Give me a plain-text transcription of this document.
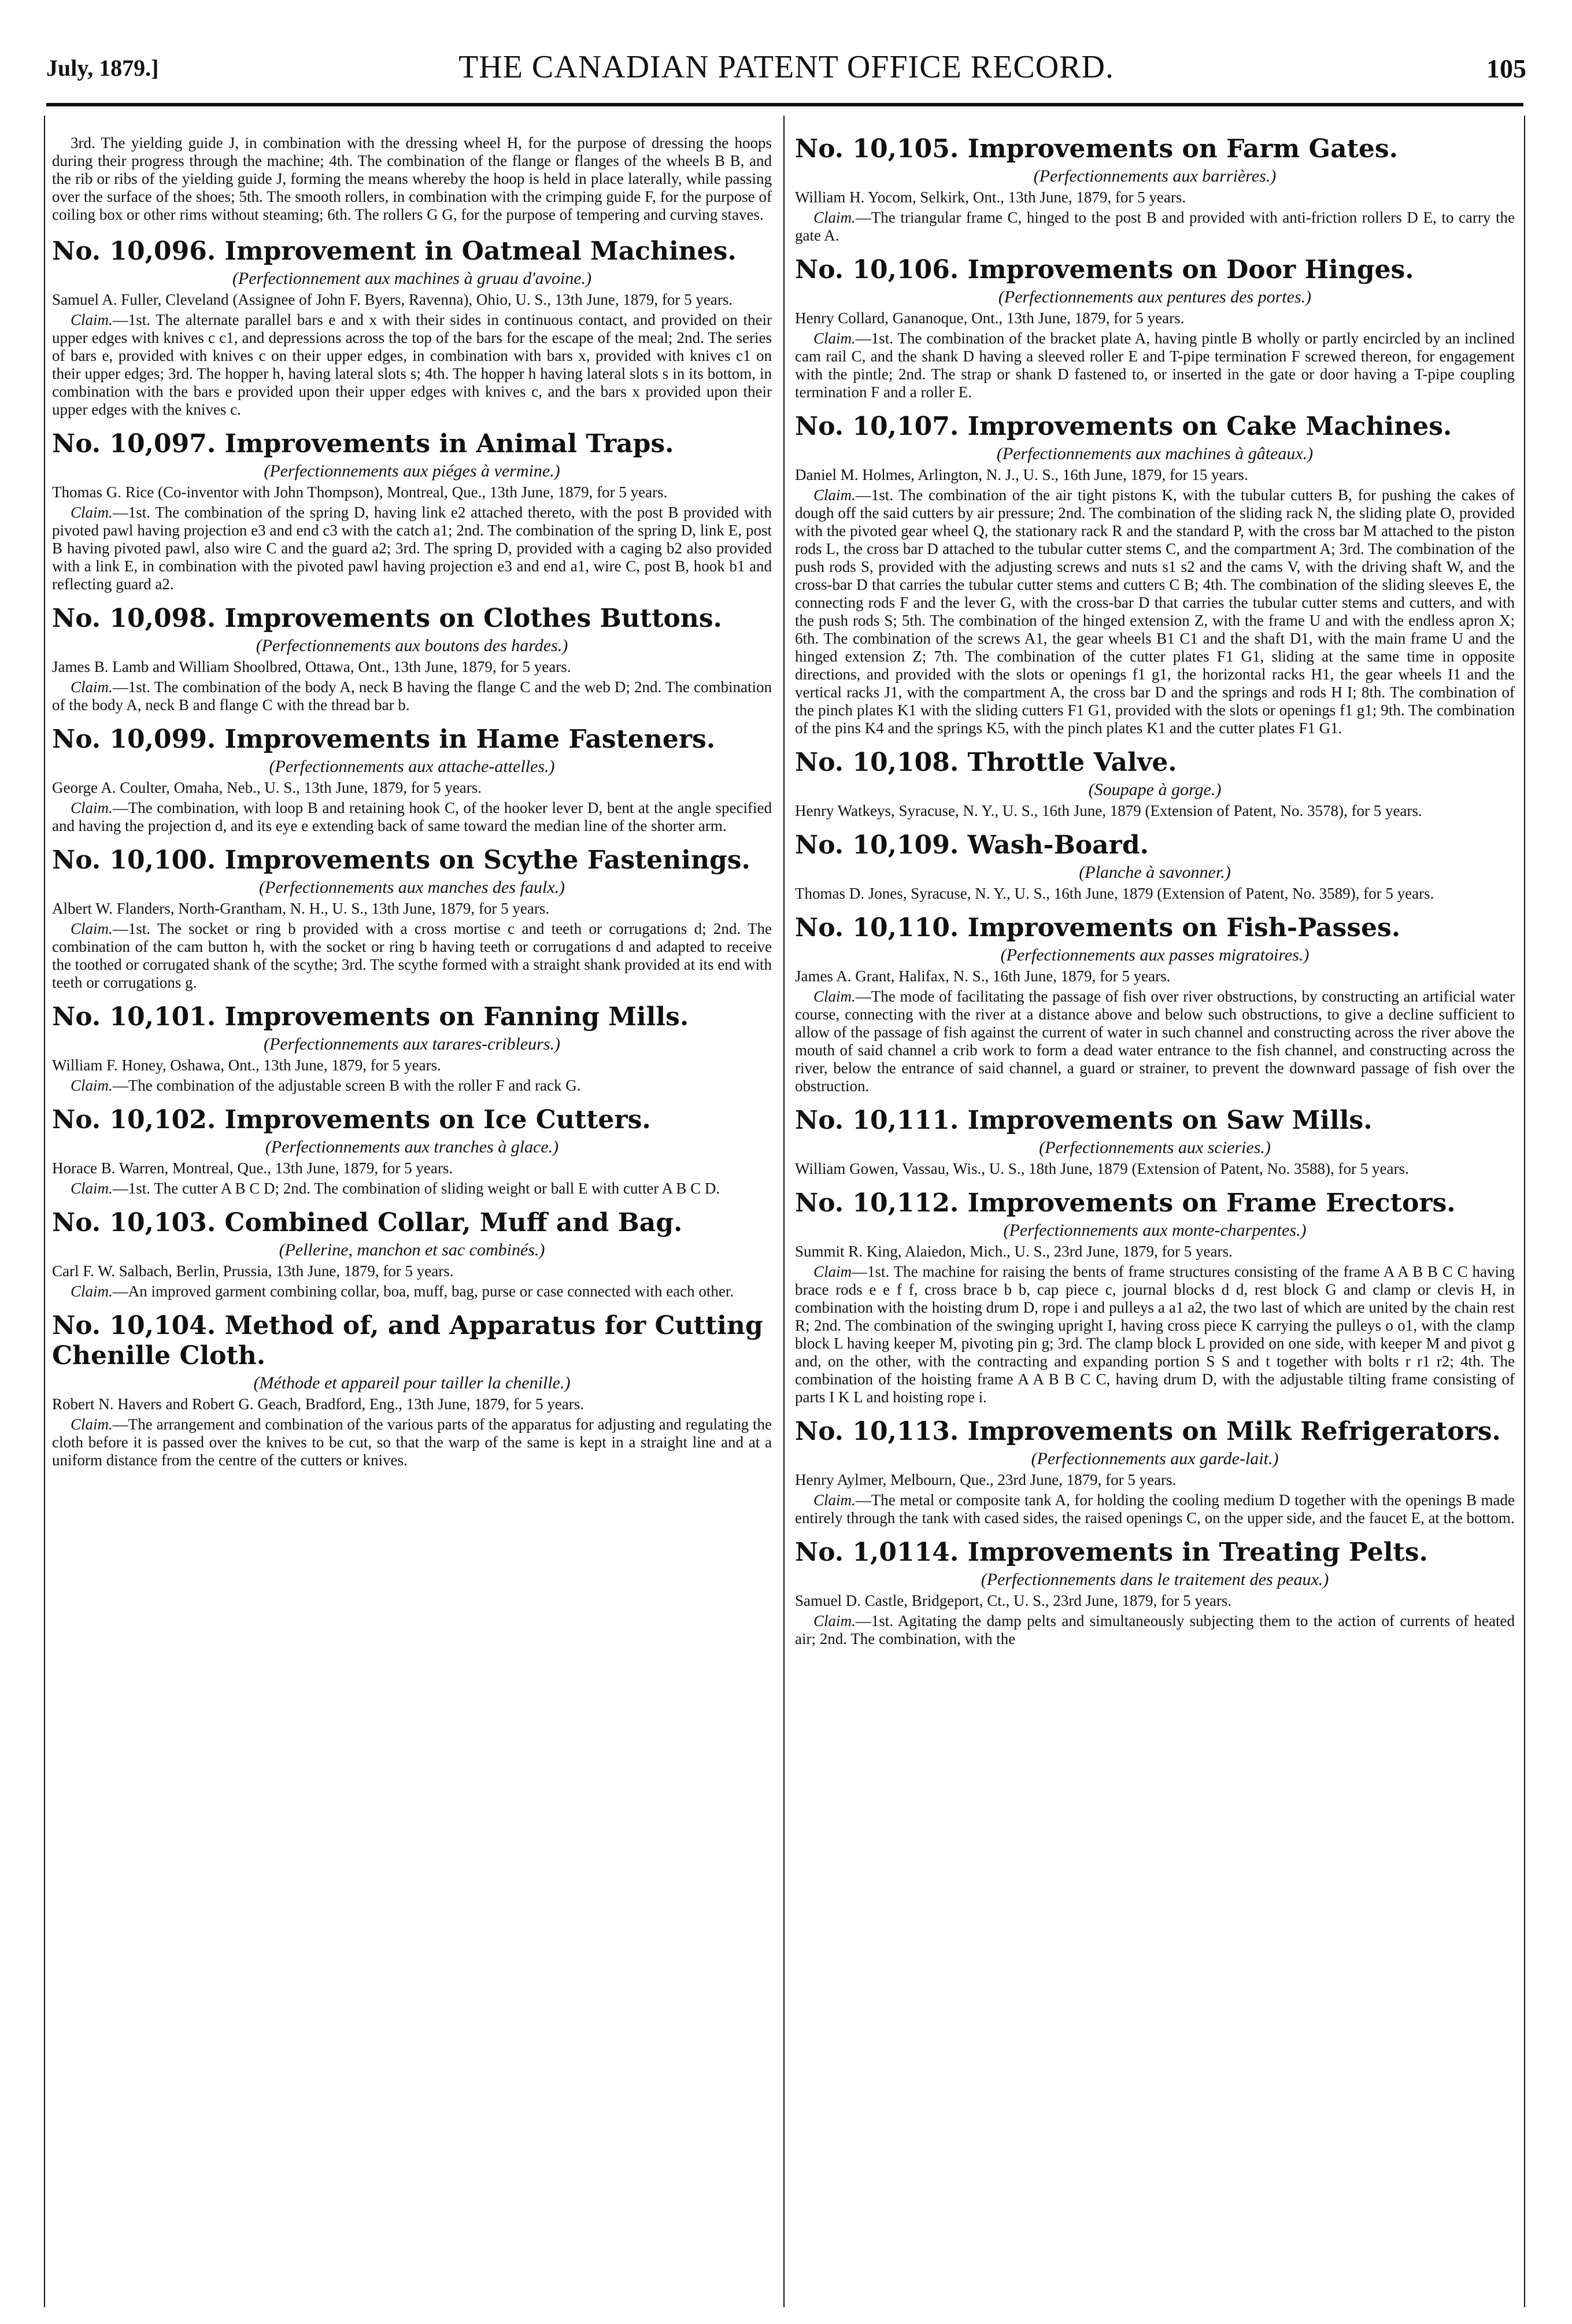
July, 1879.]	THE CANADIAN PATENT OFFICE RECORD.	105
3rd. The yielding guide J, in combination with the dressing wheel H, for the purpose of dressing the hoops during their progress through the machine; 4th. The combination of the flange or flanges of the wheels B B, and the rib or ribs of the yielding guide J, forming the means whereby the hoop is held in place laterally, while passing over the surface of the shoes; 5th. The smooth rollers, in combination with the crimping guide F, for the purpose of coiling box or other rims without steaming; 6th. The rollers G G, for the purpose of tempering and curving staves.
No. 10,096. Improvement in Oatmeal Machines.
(Perfectionnement aux machines à gruau d'avoine.)
Samuel A. Fuller, Cleveland (Assignee of John F. Byers, Ravenna), Ohio, U. S., 13th June, 1879, for 5 years.
Claim.—1st. The alternate parallel bars e and x with their sides in continuous contact, and provided on their upper edges with knives c c1, and depressions across the top of the bars for the escape of the meal; 2nd. The series of bars e, provided with knives c on their upper edges, in combination with bars x, provided with knives c1 on their upper edges; 3rd. The hopper h, having lateral slots s; 4th. The hopper h having lateral slots s in its bottom, in combination with the bars e provided upon their upper edges with knives c, and the bars x provided upon their upper edges with the knives c.
No. 10,097. Improvements in Animal Traps.
(Perfectionnements aux piéges à vermine.)
Thomas G. Rice (Co-inventor with John Thompson), Montreal, Que., 13th June, 1879, for 5 years.
Claim.—1st. The combination of the spring D, having link e2 attached thereto, with the post B provided with pivoted pawl having projection e3 and end c3 with the catch a1; 2nd. The combination of the spring D, link E, post B having pivoted pawl, also wire C and the guard a2; 3rd. The spring D, provided with a caging b2 also provided with a link E, in combination with the pivoted pawl having projection e3 and end a1, wire C, post B, hook b1 and reflecting guard a2.
No. 10,098. Improvements on Clothes Buttons.
(Perfectionnements aux boutons des hardes.)
James B. Lamb and William Shoolbred, Ottawa, Ont., 13th June, 1879, for 5 years.
Claim.—1st. The combination of the body A, neck B having the flange C and the web D; 2nd. The combination of the body A, neck B and flange C with the thread bar b.
No. 10,099. Improvements in Hame Fasteners.
(Perfectionnements aux attache-attelles.)
George A. Coulter, Omaha, Neb., U. S., 13th June, 1879, for 5 years.
Claim.—The combination, with loop B and retaining hook C, of the hooker lever D, bent at the angle specified and having the projection d, and its eye e extending back of same toward the median line of the shorter arm.
No. 10,100. Improvements on Scythe Fastenings.
(Perfectionnements aux manches des faulx.)
Albert W. Flanders, North-Grantham, N. H., U. S., 13th June, 1879, for 5 years.
Claim.—1st. The socket or ring b provided with a cross mortise c and teeth or corrugations d; 2nd. The combination of the cam button h, with the socket or ring b having teeth or corrugations d and adapted to receive the toothed or corrugated shank of the scythe; 3rd. The scythe formed with a straight shank provided at its end with teeth or corrugations g.
No. 10,101. Improvements on Fanning Mills.
(Perfectionnements aux tarares-cribleurs.)
William F. Honey, Oshawa, Ont., 13th June, 1879, for 5 years.
Claim.—The combination of the adjustable screen B with the roller F and rack G.
No. 10,102. Improvements on Ice Cutters.
(Perfectionnements aux tranches à glace.)
Horace B. Warren, Montreal, Que., 13th June, 1879, for 5 years.
Claim.—1st. The cutter A B C D; 2nd. The combination of sliding weight or ball E with cutter A B C D.
No. 10,103. Combined Collar, Muff and Bag.
(Pellerine, manchon et sac combinés.)
Carl F. W. Salbach, Berlin, Prussia, 13th June, 1879, for 5 years.
Claim.—An improved garment combining collar, boa, muff, bag, purse or case connected with each other.
No. 10,104. Method of, and Apparatus for Cutting Chenille Cloth.
(Méthode et appareil pour tailler la chenille.)
Robert N. Havers and Robert G. Geach, Bradford, Eng., 13th June, 1879, for 5 years.
Claim.—The arrangement and combination of the various parts of the apparatus for adjusting and regulating the cloth before it is passed over the knives to be cut, so that the warp of the same is kept in a straight line and at a uniform distance from the centre of the cutters or knives.
No. 10,105. Improvements on Farm Gates.
(Perfectionnements aux barrières.)
William H. Yocom, Selkirk, Ont., 13th June, 1879, for 5 years.
Claim.—The triangular frame C, hinged to the post B and provided with anti-friction rollers D E, to carry the gate A.
No. 10,106. Improvements on Door Hinges.
(Perfectionnements aux pentures des portes.)
Henry Collard, Gananoque, Ont., 13th June, 1879, for 5 years.
Claim.—1st. The combination of the bracket plate A, having pintle B wholly or partly encircled by an inclined cam rail C, and the shank D having a sleeved roller E and T-pipe termination F screwed thereon, for engagement with the pintle; 2nd. The strap or shank D fastened to, or inserted in the gate or door having a T-pipe coupling termination F and a roller E.
No. 10,107. Improvements on Cake Machines.
(Perfectionnements aux machines à gâteaux.)
Daniel M. Holmes, Arlington, N. J., U. S., 16th June, 1879, for 15 years.
Claim.—1st. The combination of the air tight pistons K, with the tubular cutters B, for pushing the cakes of dough off the said cutters by air pressure; 2nd. The combination of the sliding rack N, the sliding plate O, provided with the pivoted gear wheel Q, the stationary rack R and the standard P, with the cross bar M attached to the piston rods L, the cross bar D attached to the tubular cutter stems C, and the compartment A; 3rd. The combination of the push rods S, provided with the adjusting screws and nuts s1 s2 and the cams V, with the driving shaft W, and the cross-bar D that carries the tubular cutter stems and cutters C B; 4th. The combination of the sliding sleeves E, the connecting rods F and the lever G, with the cross-bar D that carries the tubular cutter stems and cutters, and with the push rods S; 5th. The combination of the hinged extension Z, with the frame U and with the endless apron X; 6th. The combination of the screws A1, the gear wheels B1 C1 and the shaft D1, with the main frame U and the hinged extension Z; 7th. The combination of the cutter plates F1 G1, sliding at the same time in opposite directions, and provided with the slots or openings f1 g1, the horizontal racks H1, the gear wheels I1 and the vertical racks J1, with the compartment A, the cross bar D and the springs and rods H I; 8th. The combination of the pinch plates K1 with the sliding cutters F1 G1, provided with the slots or openings f1 g1; 9th. The combination of the pins K4 and the springs K5, with the pinch plates K1 and the cutter plates F1 G1.
No. 10,108. Throttle Valve.
(Soupape à gorge.)
Henry Watkeys, Syracuse, N. Y., U. S., 16th June, 1879 (Extension of Patent, No. 3578), for 5 years.
No. 10,109. Wash-Board.
(Planche à savonner.)
Thomas D. Jones, Syracuse, N. Y., U. S., 16th June, 1879 (Extension of Patent, No. 3589), for 5 years.
No. 10,110. Improvements on Fish-Passes.
(Perfectionnements aux passes migratoires.)
James A. Grant, Halifax, N. S., 16th June, 1879, for 5 years.
Claim.—The mode of facilitating the passage of fish over river obstructions, by constructing an artificial water course, connecting with the river at a distance above and below such obstructions, to give a decline sufficient to allow of the passage of fish against the current of water in such channel and constructing across the river above the mouth of said channel a crib work to form a dead water entrance to the fish channel, and constructing across the river, below the entrance of said channel, a guard or strainer, to prevent the downward passage of fish over the obstruction.
No. 10,111. Improvements on Saw Mills.
(Perfectionnements aux scieries.)
William Gowen, Vassau, Wis., U. S., 18th June, 1879 (Extension of Patent, No. 3588), for 5 years.
No. 10,112. Improvements on Frame Erectors.
(Perfectionnements aux monte-charpentes.)
Summit R. King, Alaiedon, Mich., U. S., 23rd June, 1879, for 5 years.
Claim—1st. The machine for raising the bents of frame structures consisting of the frame A A B B C C having brace rods e e f f, cross brace b b, cap piece c, journal blocks d d, rest block G and clamp or clevis H, in combination with the hoisting drum D, rope i and pulleys a a1 a2, the two last of which are united by the chain rest R; 2nd. The combination of the swinging upright I, having cross piece K carrying the pulleys o o1, with the clamp block L having keeper M, pivoting pin g; 3rd. The clamp block L provided on one side, with keeper M and pivot g and, on the other, with the contracting and expanding portion S S and t together with bolts r r1 r2; 4th. The combination of the hoisting frame A A B B C C, having drum D, with the adjustable tilting frame consisting of parts I K L and hoisting rope i.
No. 10,113. Improvements on Milk Refrigerators.
(Perfectionnements aux garde-lait.)
Henry Aylmer, Melbourn, Que., 23rd June, 1879, for 5 years.
Claim.—The metal or composite tank A, for holding the cooling medium D together with the openings B made entirely through the tank with cased sides, the raised openings C, on the upper side, and the faucet E, at the bottom.
No. 1,0114. Improvements in Treating Pelts.
(Perfectionnements dans le traitement des peaux.)
Samuel D. Castle, Bridgeport, Ct., U. S., 23rd June, 1879, for 5 years.
Claim.—1st. Agitating the damp pelts and simultaneously subjecting them to the action of currents of heated air; 2nd. The combination, with the
